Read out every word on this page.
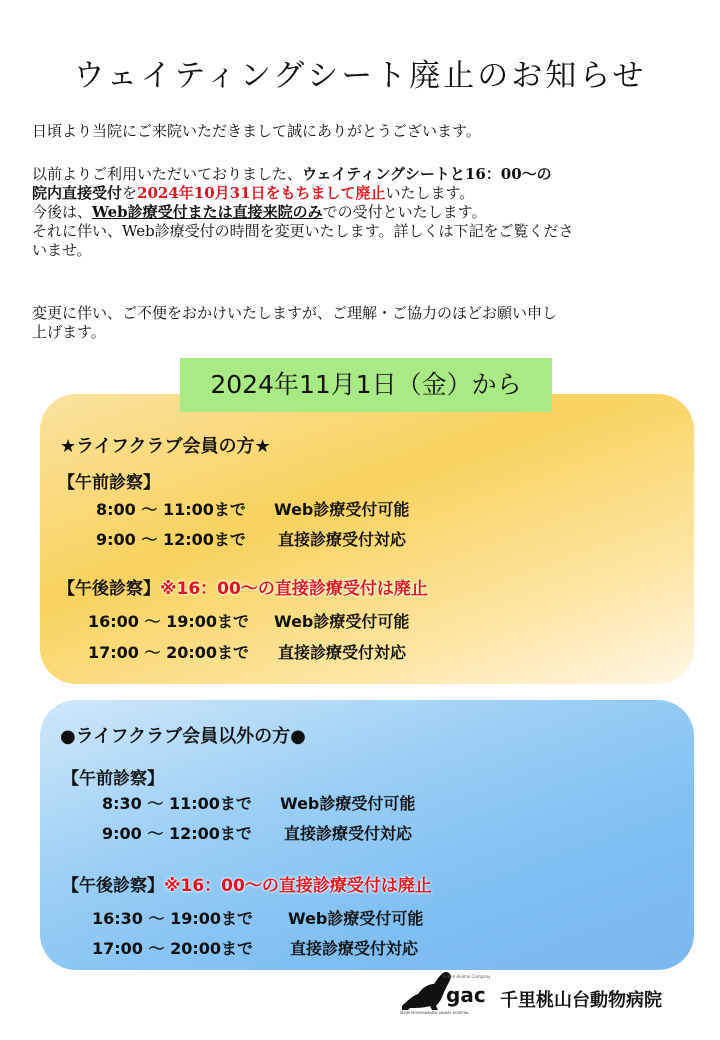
ウェイティングシート廃止のお知らせ
日頃より当院にご来院いただきまして誠にありがとうございます。
以前よりご利用いただいておりました、ウェイティングシートと16：00〜の
院内直接受付を2024年10月31日をもちまして廃止いたします。
今後は、Web診療受付または直接来院のみでの受付といたします。
それに伴い、Web診療受付の時間を変更いたします。詳しくは下記をご覧くださ
いませ。
変更に伴い、ご不便をおかけいたしますが、ご理解・ご協力のほどお願い申し
上げます。
2024年11月1日（金）から
★ライフクラブ会員の方★
【午前診察】
8:00 〜 11:00まで Web診療受付可能
9:00 〜 12:00まで 直接診療受付対応
【午後診察】※16：00〜の直接診療受付は廃止
16:00 〜 19:00まで Web診療受付可能
17:00 〜 20:00まで 直接診療受付対応
●ライフクラブ会員以外の方●
【午前診察】
8:30 〜 11:00まで Web診療受付可能
9:00 〜 12:00まで 直接診療受付対応
【午後診察】※16：00〜の直接診療受付は廃止
16:30 〜 19:00まで Web診療受付可能
17:00 〜 20:00まで 直接診療受付対応
Green Animal Company
gac
SENRI MOMOYAMADAI ANIMAL HOSPITAL
千里桃山台動物病院
